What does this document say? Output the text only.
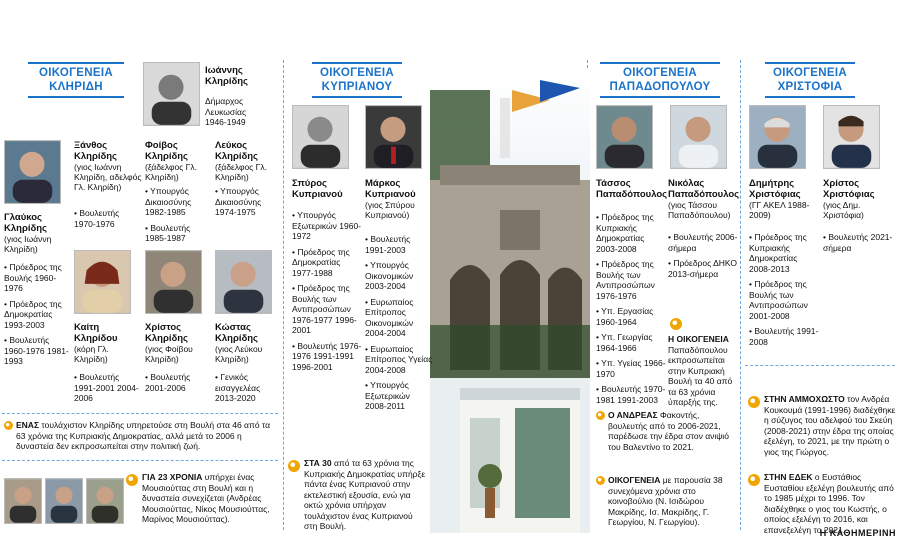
ΟΙΚΟΓΕΝΕΙΑ ΚΛΗΡΙΔΗ
ΟΙΚΟΓΕΝΕΙΑ ΚΥΠΡΙΑΝΟΥ
ΟΙΚΟΓΕΝΕΙΑ ΠΑΠΑΔΟΠΟΥΛΟΥ
ΟΙΚΟΓΕΝΕΙΑ ΧΡΙΣΤΟΦΙΑ
Ιωάννης Κληρίδης
Δήμαρχος Λευκωσίας
1946-1949
Γλαύκος Κληρίδης
(γιος Ιωάννη Κληρίδη)

• Πρόεδρος της Βουλής 1960-1976

• Πρόεδρος της Δημοκρατίας 1993-2003

• Βουλευτής 1960-1976 1981-1993

Ξάνθος Κληρίδης
(γιος Ιωάννη Κληρίδη, αδελφός Γλ. Κληρίδη)

• Βουλευτής 1970-1976

Φοίβος Κληρίδης
(ξάδελφος Γλ. Κληρίδη)

• Υπουργός Δικαιοσύνης 1982-1985

• Βουλευτής 1985-1987

Λεύκος Κληρίδης
(ξάδελφος Γλ. Κληρίδη)

• Υπουργός Δικαιοσύνης 1974-1975

Καίτη Κληρίδου
(κόρη Γλ. Κληρίδη)

• Βουλευτής 1991-2001 2004-2006

Χρίστος Κληρίδης
(γιος Φοίβου Κληρίδη)

• Βουλευτής 2001-2006

Κώστας Κληρίδης
(γιος Λεύκου Κληρίδη)

• Γενικός εισαγγελέας 2013-2020

ΕΝΑΣ τουλάχιστον Κληρίδης υπηρετούσε στη Βουλή στα 46 από τα 63 χρόνια της Κυπριακής Δημοκρατίας, αλλά μετά το 2006 η δυναστεία δεν εκπροσωπείται στην πολιτική ζωή.
ΓΙΑ 23 ΧΡΟΝΙΑ υπήρχει ένας Μουσιούττας στη Βουλή και η δυναστεία συνεχίζεται (Ανδρέας Μουσιούττας, Νίκος Μουσιούττας, Μαρίνος Μουσιούττας).
Σπύρος Κυπριανού

• Υπουργός Εξωτερικών 1960-1972

• Πρόεδρος της Δημοκρατίας 1977-1988

• Πρόεδρος της Βουλής των Αντιπροσώπων 1976-1977 1996-2001

• Βουλευτής 1976-1976 1991-1991 1996-2001

Μάρκος Κυπριανού
(γιος Σπύρου Κυπριανού)

• Βουλευτής 1991-2003

• Υπουργός Οικονομικών 2003-2004

• Ευρωπαίος Επίτροπος Οικονομικών 2004-2004

• Ευρωπαίος Επίτροπος Υγείας 2004-2008

• Υπουργός Εξωτερικών 2008-2011

ΣΤΑ 30 από τα 63 χρόνια της Κυπριακής Δημοκρατίας υπήρξε πάντα ένας Κυπριανού στην εκτελεστική εξουσία, ενώ για οκτώ χρόνια υπήρχαν τουλάχιστον ένας Κυπριανού στη Βουλή.
Τάσσος Παπαδόπουλος

• Πρόεδρος της Κυπριακής Δημοκρατίας 2003-2008

• Πρόεδρος της Βουλής των Αντιπροσώπων 1976-1976

• Υπ. Εργασίας 1960-1964

• Υπ. Γεωργίας 1964-1966

• Υπ. Υγείας 1966-1970

• Βουλευτής 1970-1981 1991-2003

Νικόλας Παπαδόπουλος
(γιος Τάσσου Παπαδόπουλου)

• Βουλευτής 2006-σήμερα

• Πρόεδρος ΔΗΚΟ 2013-σήμερα

Η ΟΙΚΟΓΕΝΕΙΑ Παπαδόπουλου εκπροσωπείται στην Κυπριακή Βουλή τα 40 από τα 63 χρόνια ύπαρξής της.
Ο ΑΝΔΡΕΑΣ Φακοντής, βουλευτής από το 2006-2021, παρέδωσε την έδρα στον ανιψιό του Βαλεντίνο το 2021.
ΟΙΚΟΓΕΝΕΙΑ με παρουσία 38 συνεχόμενα χρόνια στο κοινοβούλιο (Ν. Ισιδώρου Μακρίδης, Ισ. Μακρίδης, Γ. Γεωργίου, Ν. Γεωργίου).
Δημήτρης Χριστόφιας
(ΓΓ ΑΚΕΛ 1988-2009)

• Πρόεδρος της Κυπριακής Δημοκρατίας 2008-2013

• Πρόεδρος της Βουλής των Αντιπροσώπων 2001-2008

• Βουλευτής 1991-2008

Χρίστος Χριστόφιας
(γιος Δημ. Χριστόφια)

• Βουλευτής 2021-σήμερα

ΣΤΗΝ ΑΜΜΟΧΩΣΤΟ τον Ανδρέα Κουκουμά (1991-1996) διαδέχθηκε η σύζυγος του αδελφού του Σκεύη (2008-2021) στην έδρα της οποίας εξελέγη, το 2021, με την πρώτη ο γιος της Γιώργος.
ΣΤΗΝ ΕΔΕΚ ο Ευστάθιος Ευσταθίου εξελέγη βουλευτής από το 1985 μέχρι το 1996. Τον διαδέχθηκε ο γιος του Κωστής, ο οποίος εξελέγη το 2016, και επανεξελέγη το 2021.
Η ΚΑΘΗΜΕΡΙΝΗ
